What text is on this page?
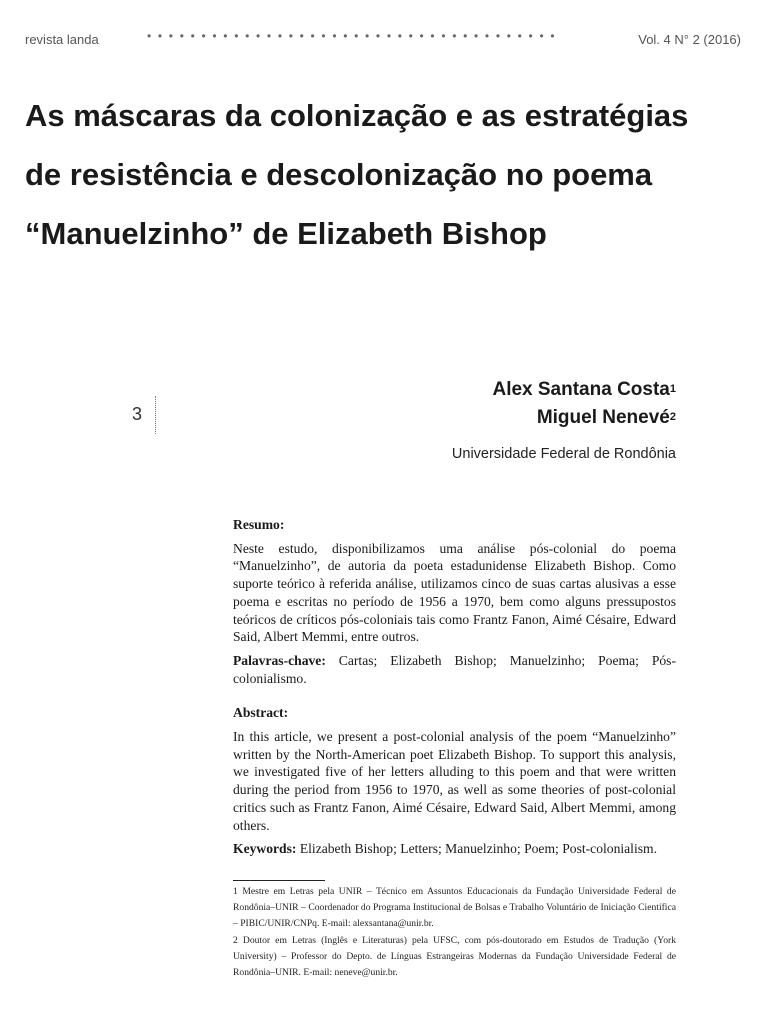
revista landa	••••••••••••••••••••••••••••••••••••••	Vol. 4 N° 2 (2016)
As máscaras da colonização e as estratégias de resistência e descolonização no poema “Manuelzinho” de Elizabeth Bishop
Alex Santana Costa$^1$
Miguel Nenevé$^2$
3
Universidade Federal de Rondônia
Resumo:

Neste estudo, disponibilizamos uma análise pós-colonial do poema “Manuelzinho”, de autoria da poeta estadunidense Elizabeth Bishop. Como suporte teórico à referida análise, utilizamos cinco de suas cartas alusivas a esse poema e escritas no período de 1956 a 1970, bem como alguns pressupostos teóricos de críticos pós-coloniais tais como Frantz Fanon, Aimé Césaire, Edward Said, Albert Memmi, entre outros.

Palavras-chave: Cartas; Elizabeth Bishop; Manuelzinho; Poema; Pós-colonialismo.

Abstract:

In this article, we present a post-colonial analysis of the poem “Manuelzinho” written by the North-American poet Elizabeth Bishop. To support this analysis, we investigated five of her letters alluding to this poem and that were written during the period from 1956 to 1970, as well as some theories of post-colonial critics such as Frantz Fanon, Aimé Césaire, Edward Said, Albert Memmi, among others.

Keywords: Elizabeth Bishop; Letters; Manuelzinho; Poem; Post-colonialism.

1 Mestre em Letras pela UNIR – Técnico em Assuntos Educacionais da Fundação Universidade Federal de Rondônia–UNIR – Coordenador do Programa Institucional de Bolsas e Trabalho Voluntário de Iniciação Científica – PIBIC/UNIR/CNPq. E-mail: alexsantana@unir.br.

2 Doutor em Letras (Inglês e Literaturas) pela UFSC, com pós-doutorado em Estudos de Tradução (York University) – Professor do Depto. de Línguas Estrangeiras Modernas da Fundação Universidade Federal de Rondônia–UNIR. E-mail: neneve@unir.br.
